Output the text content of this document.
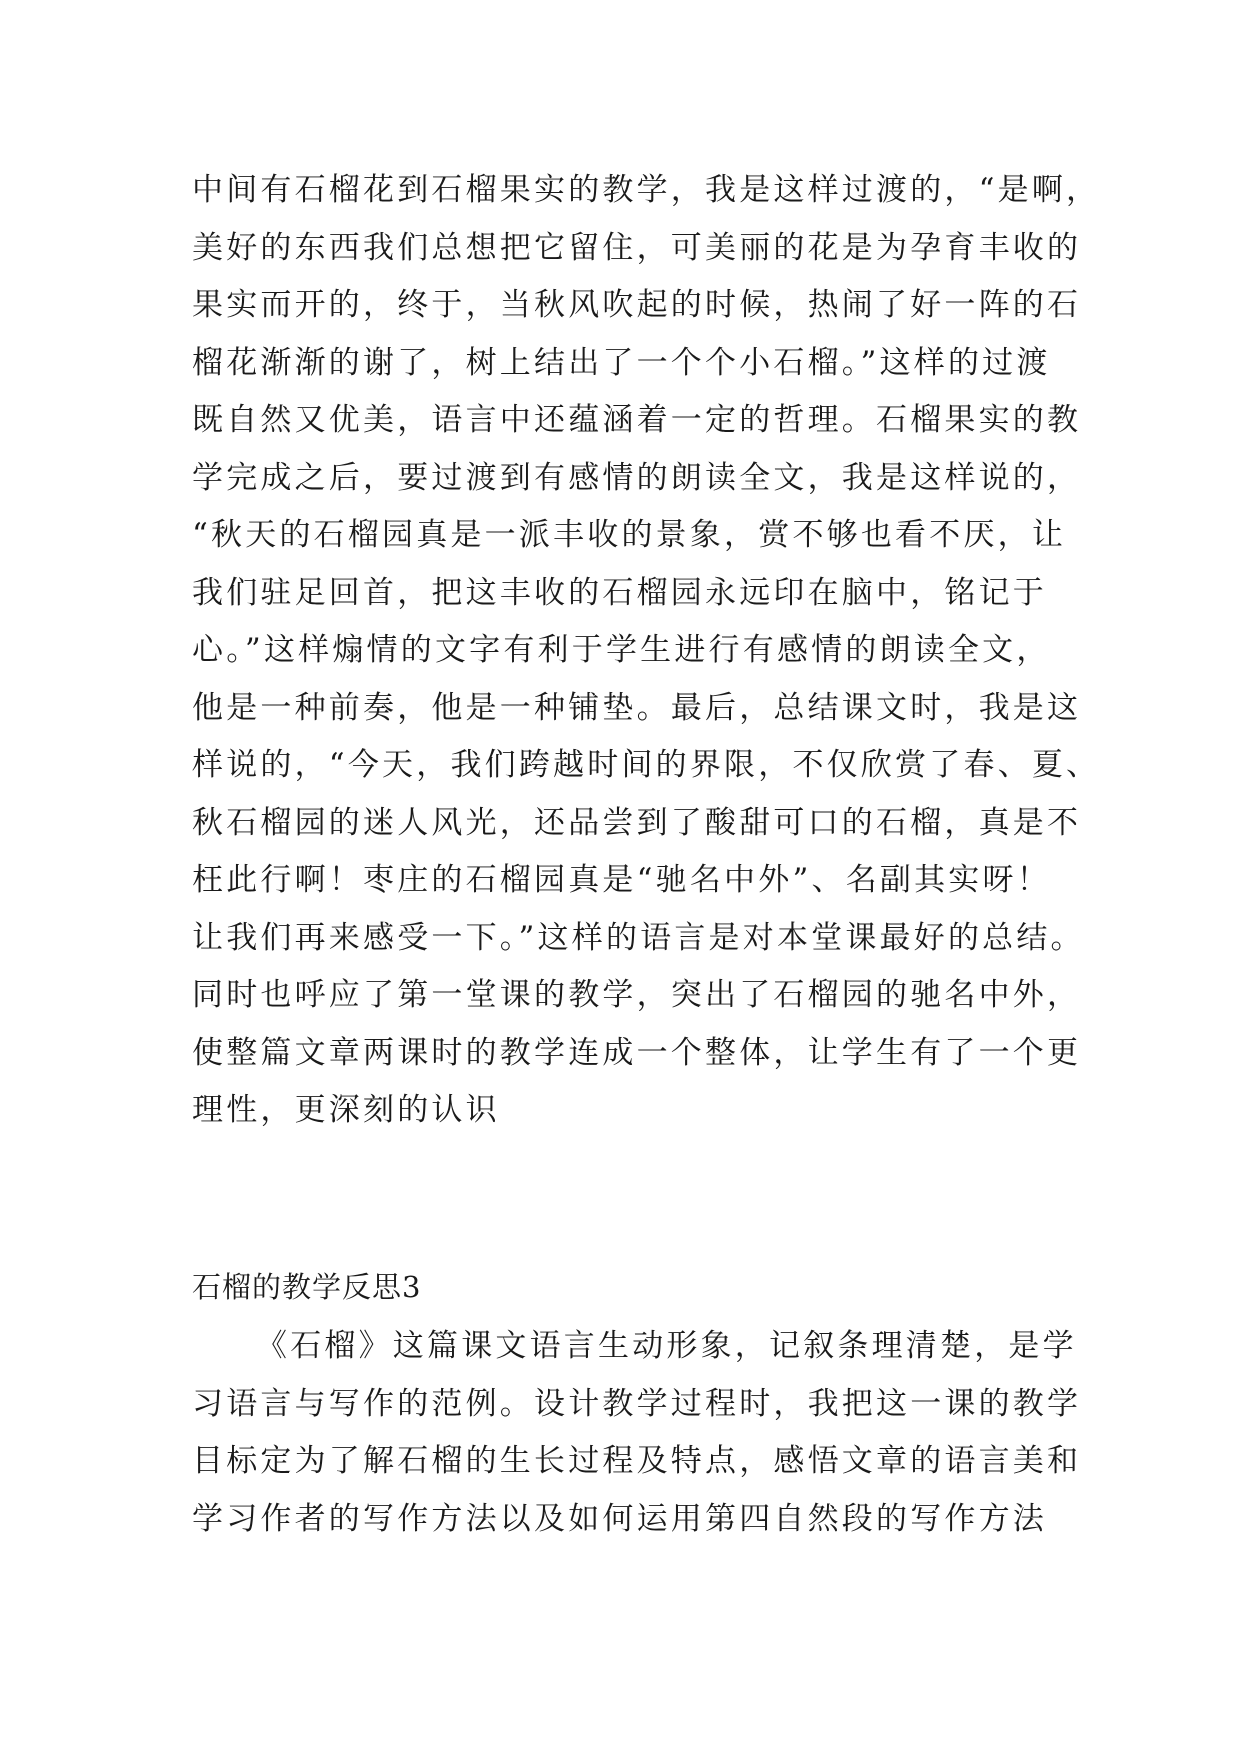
中间有石榴花到石榴果实的教学，我是这样过渡的，“是啊，
美好的东西我们总想把它留住，可美丽的花是为孕育丰收的
果实而开的，终于，当秋风吹起的时候，热闹了好一阵的石
榴花渐渐的谢了，树上结出了一个个小石榴。”这样的过渡
既自然又优美，语言中还蕴涵着一定的哲理。石榴果实的教
学完成之后，要过渡到有感情的朗读全文，我是这样说的，
“秋天的石榴园真是一派丰收的景象，赏不够也看不厌，让
我们驻足回首，把这丰收的石榴园永远印在脑中，铭记于
心。”这样煽情的文字有利于学生进行有感情的朗读全文，
他是一种前奏，他是一种铺垫。最后，总结课文时，我是这
样说的，“今天，我们跨越时间的界限，不仅欣赏了春、夏、
秋石榴园的迷人风光，还品尝到了酸甜可口的石榴，真是不
枉此行啊！枣庄的石榴园真是“驰名中外”、名副其实呀！
让我们再来感受一下。”这样的语言是对本堂课最好的总结。
同时也呼应了第一堂课的教学，突出了石榴园的驰名中外，
使整篇文章两课时的教学连成一个整体，让学生有了一个更
理性，更深刻的认识
石榴的教学反思3
《石榴》这篇课文语言生动形象，记叙条理清楚，是学
习语言与写作的范例。设计教学过程时，我把这一课的教学
目标定为了解石榴的生长过程及特点，感悟文章的语言美和
学习作者的写作方法以及如何运用第四自然段的写作方法
